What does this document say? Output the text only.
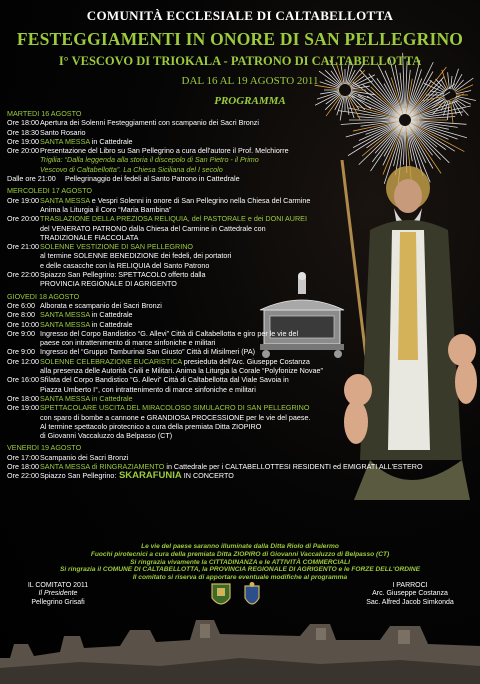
COMUNITÀ ECCLESIALE DI CALTABELLOTTA
FESTEGGIAMENTI IN ONORE DI SAN PELLEGRINO
I° VESCOVO DI TRIOKALA - PATRONO DI CALTABELLOTTA
DAL 16 AL 19 AGOSTO 2011
PROGRAMMA
MARTEDI 16 AGOSTO
Ore 18:00 Apertura dei Solenni Festeggiamenti con scampanio dei Sacri Bronzi
Ore 18:30 Santo Rosario
Ore 19:00 SANTA MESSA in Cattedrale
Ore 20:00 Presentazione del Libro su San Pellegrino a cura dell'autore il Prof. Melchiorre
Trigilia: “Dalla leggenda alla storia il discepolo di San Pietro - il Primo
Vescovo di Caltabellotta”. La Chiesa Siciliana del I secolo
Dalle ore 21:00	Pellegrinaggio dei fedeli al Santo Patrono in Cattedrale
MERCOLEDI 17 AGOSTO
Ore 19:00 SANTA MESSA e Vespri Solenni in onore di San Pellegrino nella Chiesa del Carmine
Anima la Liturgia il Coro “Maria Bambina”
Ore 20:00 TRASLAZIONE DELLA PREZIOSA RELIQUIA, del PASTORALE e dei DONI AUREI
del VENERATO PATRONO dalla Chiesa del Carmine in Cattedrale con
TRADIZIONALE FIACCOLATA
Ore 21:00 SOLENNE VESTIZIONE DI SAN PELLEGRINO
al termine SOLENNE BENEDIZIONE dei fedeli, dei portatori
e delle casacche con la RELIQUIA del Santo Patrono
Ore 22:00 Spiazzo San Pellegrino: SPETTACOLO offerto dalla
PROVINCIA REGIONALE DI AGRIGENTO
GIOVEDI 18 AGOSTO
Ore 6:00 Alborata e scampanio dei Sacri Bronzi
Ore 8:00 SANTA MESSA in Cattedrale
Ore 10:00 SANTA MESSA in Cattedrale
Ore 9:00 Ingresso del Corpo Bandistico “G. Allevi” Città di Caltabellotta e giro per le vie del
paese con intrattenimento di marce sinfoniche e militari
Ore 9:00 Ingresso del “Gruppo Tamburinai San Giusto” Città di Misilmeri (PA)
Ore 12:00 SOLENNE CELEBRAZIONE EUCARISTICA presieduta dell'Arc. Giuseppe Costanza
alla presenza delle Autorità Civili e Militari. Anima la Liturgia la Corale “Polyfonize Novae”
Ore 16:00 Sfilata del Corpo Bandistico “G. Allevi” Città di Caltabellotta dal Viale Savoia in
Piazza Umberto I°, con intrattenimento di marce sinfoniche e militari
Ore 18:00 SANTA MESSA in Cattedrale
Ore 19:00 SPETTACOLARE USCITA DEL MIRACOLOSO SIMULACRO DI SAN PELLEGRINO
con sparo di bombe a cannone e GRANDIOSA PROCESSIONE per le vie del paese.
Al termine spettacolo pirotecnico a cura della premiata Ditta ZIOPIRO
di Giovanni Vaccaluzzo da Belpasso (CT)
VENERDI 19 AGOSTO
Ore 17:00 Scampanio dei Sacri Bronzi
Ore 18:00 SANTA MESSA di RINGRAZIAMENTO in Cattedrale per i CALTABELLOTTESI RESIDENTI ed EMIGRATI ALL'ESTERO
Ore 22:00 Spiazzo San Pellegrino: SKARAFUNIA IN CONCERTO
Le vie del paese saranno illuminate dalla Ditta Riolo di Palermo
Fuochi pirotecnici a cura della premiata Ditta ZIOPIRO di Giovanni Vaccaluzzo di Belpasso (CT)
Si ringrazia vivamente la CITTADINANZA e le ATTIVITÀ COMMERCIALI
Si ringrazia il COMUNE DI CALTABELLOTTA, la PROVINCIA REGIONALE DI AGRIGENTO e le FORZE DELL'ORDINE
Il comitato si riserva di apportare eventuale modifiche al programma
IL COMITATO 2011
Il Presidente
Pellegrino Grisafi
I PARROCI
Arc. Giuseppe Costanza
Sac. Alfred Jacob Simkonda
